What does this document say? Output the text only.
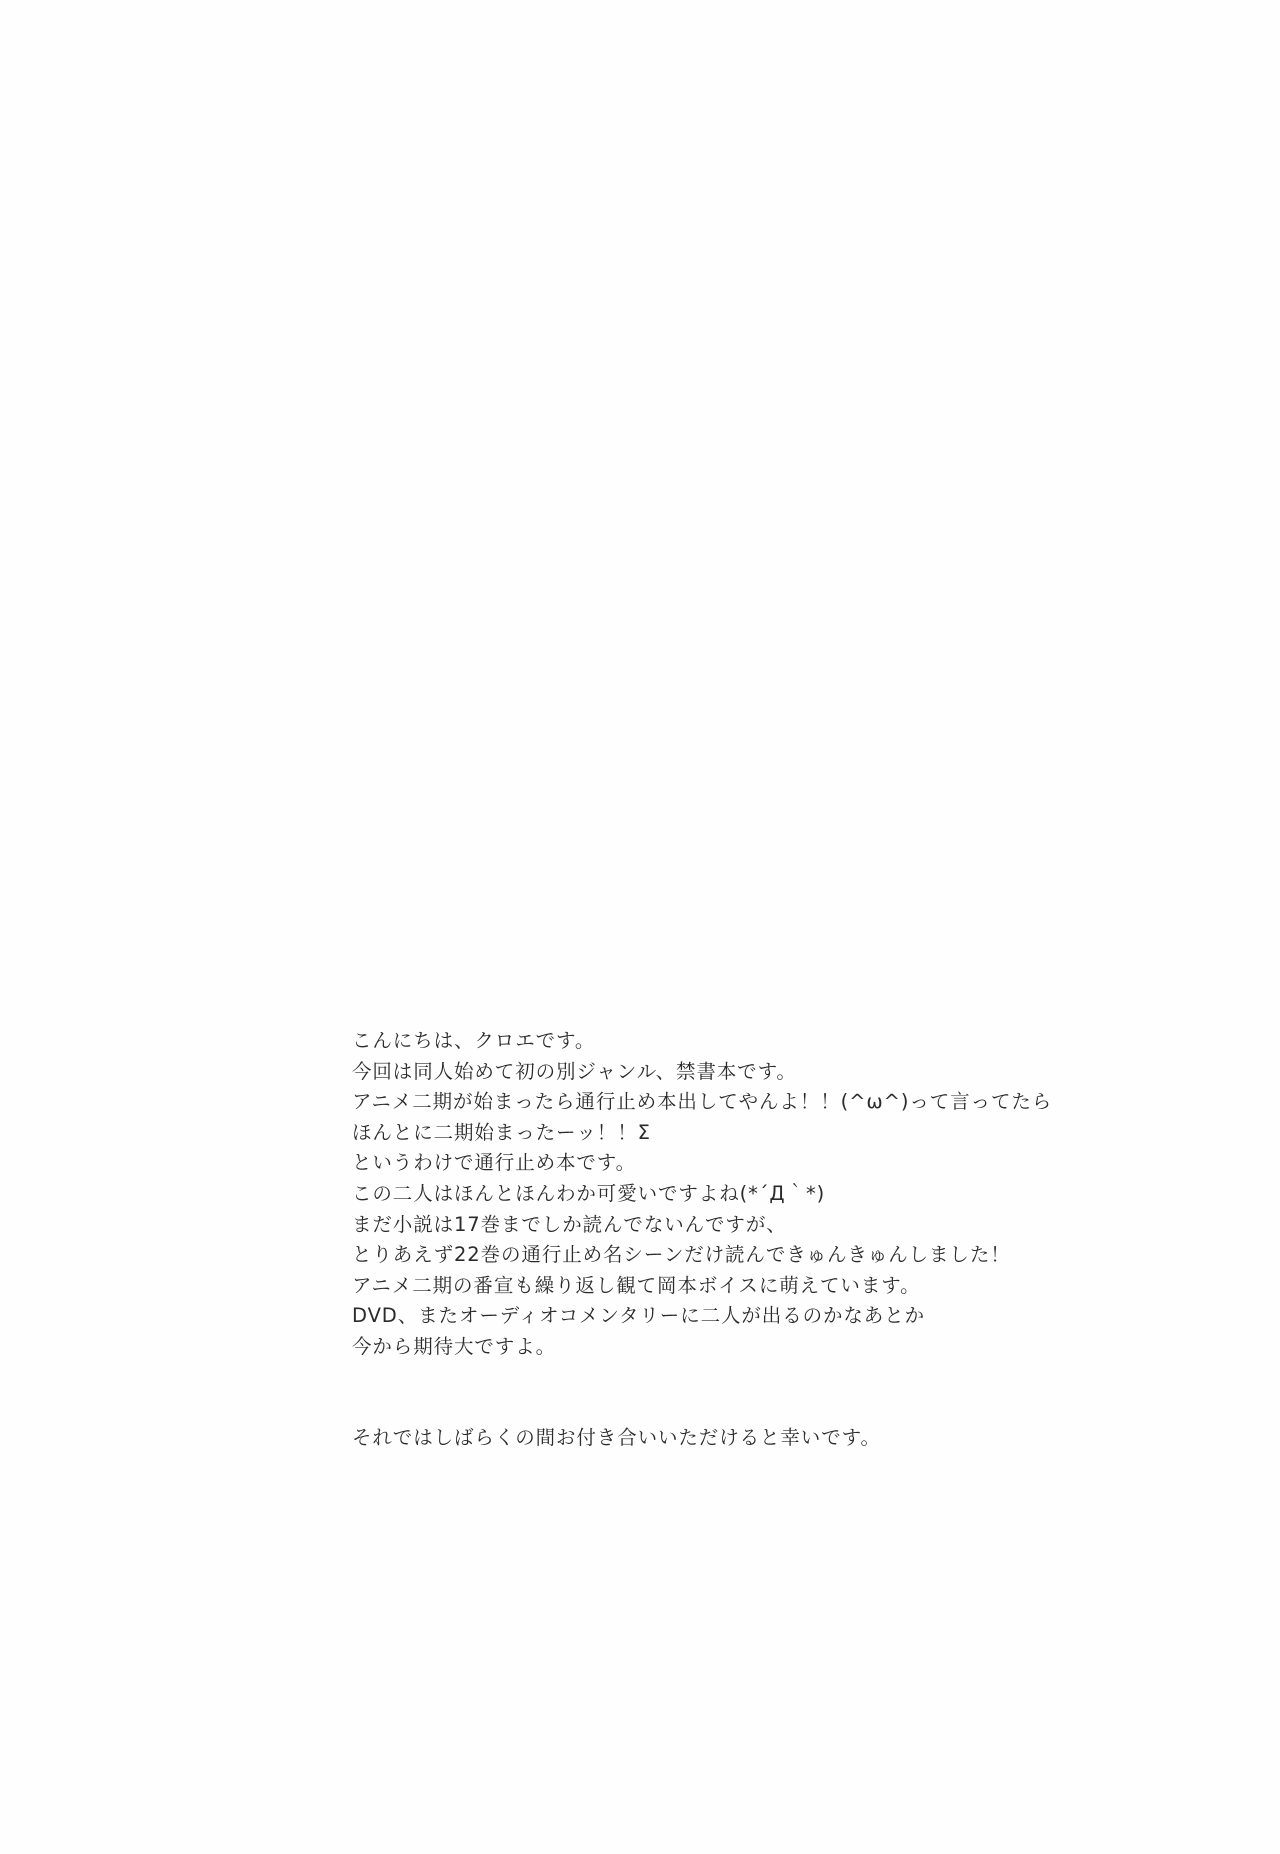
こんにちは、クロエです。
今回は同人始めて初の別ジャンル、禁書本です。
アニメ二期が始まったら通行止め本出してやんよ！！(^ω^)って言ってたら
ほんとに二期始まったーッ！！Σ
というわけで通行止め本です。
この二人はほんとほんわか可愛いですよね(*´Д｀*)
まだ小説は17巻までしか読んでないんですが、
とりあえず22巻の通行止め名シーンだけ読んできゅんきゅんしました！
アニメ二期の番宣も繰り返し観て岡本ボイスに萌えています。
DVD、またオーディオコメンタリーに二人が出るのかなあとか
今から期待大ですよ。
それではしばらくの間お付き合いいただけると幸いです。
